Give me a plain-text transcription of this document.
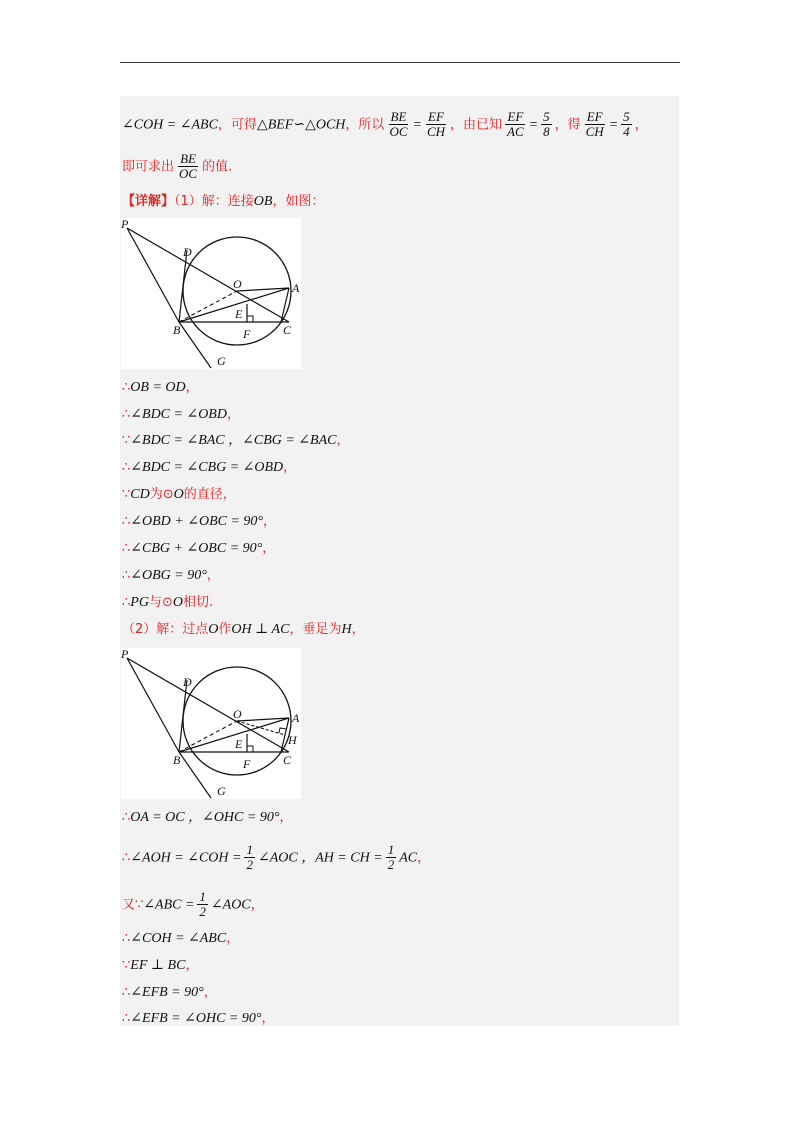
∠COH = ∠ABC，可得△BEF∽△OCH，所以 $\frac{BE}{OC} = \frac{EF}{CH}$ ，由已知 $\frac{EF}{AC} = \frac{5}{8}$ ，得 $\frac{EF}{CH} = \frac{5}{4}$ ，
即可求出 $\frac{BE}{OC}$ 的值.
【详解】（1）解：连接OB，如图：
P
D
O	A
E
B	F	C
G
∴OB = OD，
∴∠BDC = ∠OBD，
∵∠BDC = ∠BAC ，∠CBG = ∠BAC，
∴∠BDC = ∠CBG = ∠OBD，
∵CD为⊙O的直径，
∴∠OBD + ∠OBC = 90°，
∴∠CBG + ∠OBC = 90°，
∴∠OBG = 90°，
∴PG与⊙O相切.
（2）解：过点O作OH ⊥ AC，垂足为H，
P
D
O	A
E	H
B	F	C
G
∴OA = OC ，∠OHC = 90°，
∴∠AOH = ∠COH = $\frac{1}{2}$ ∠AOC ，AH = CH = $\frac{1}{2}$ AC，
又∵∠ABC = $\frac{1}{2}$ ∠AOC，
∴∠COH = ∠ABC，
∵EF ⊥ BC，
∴∠EFB = 90°，
∴∠EFB = ∠OHC = 90°，
